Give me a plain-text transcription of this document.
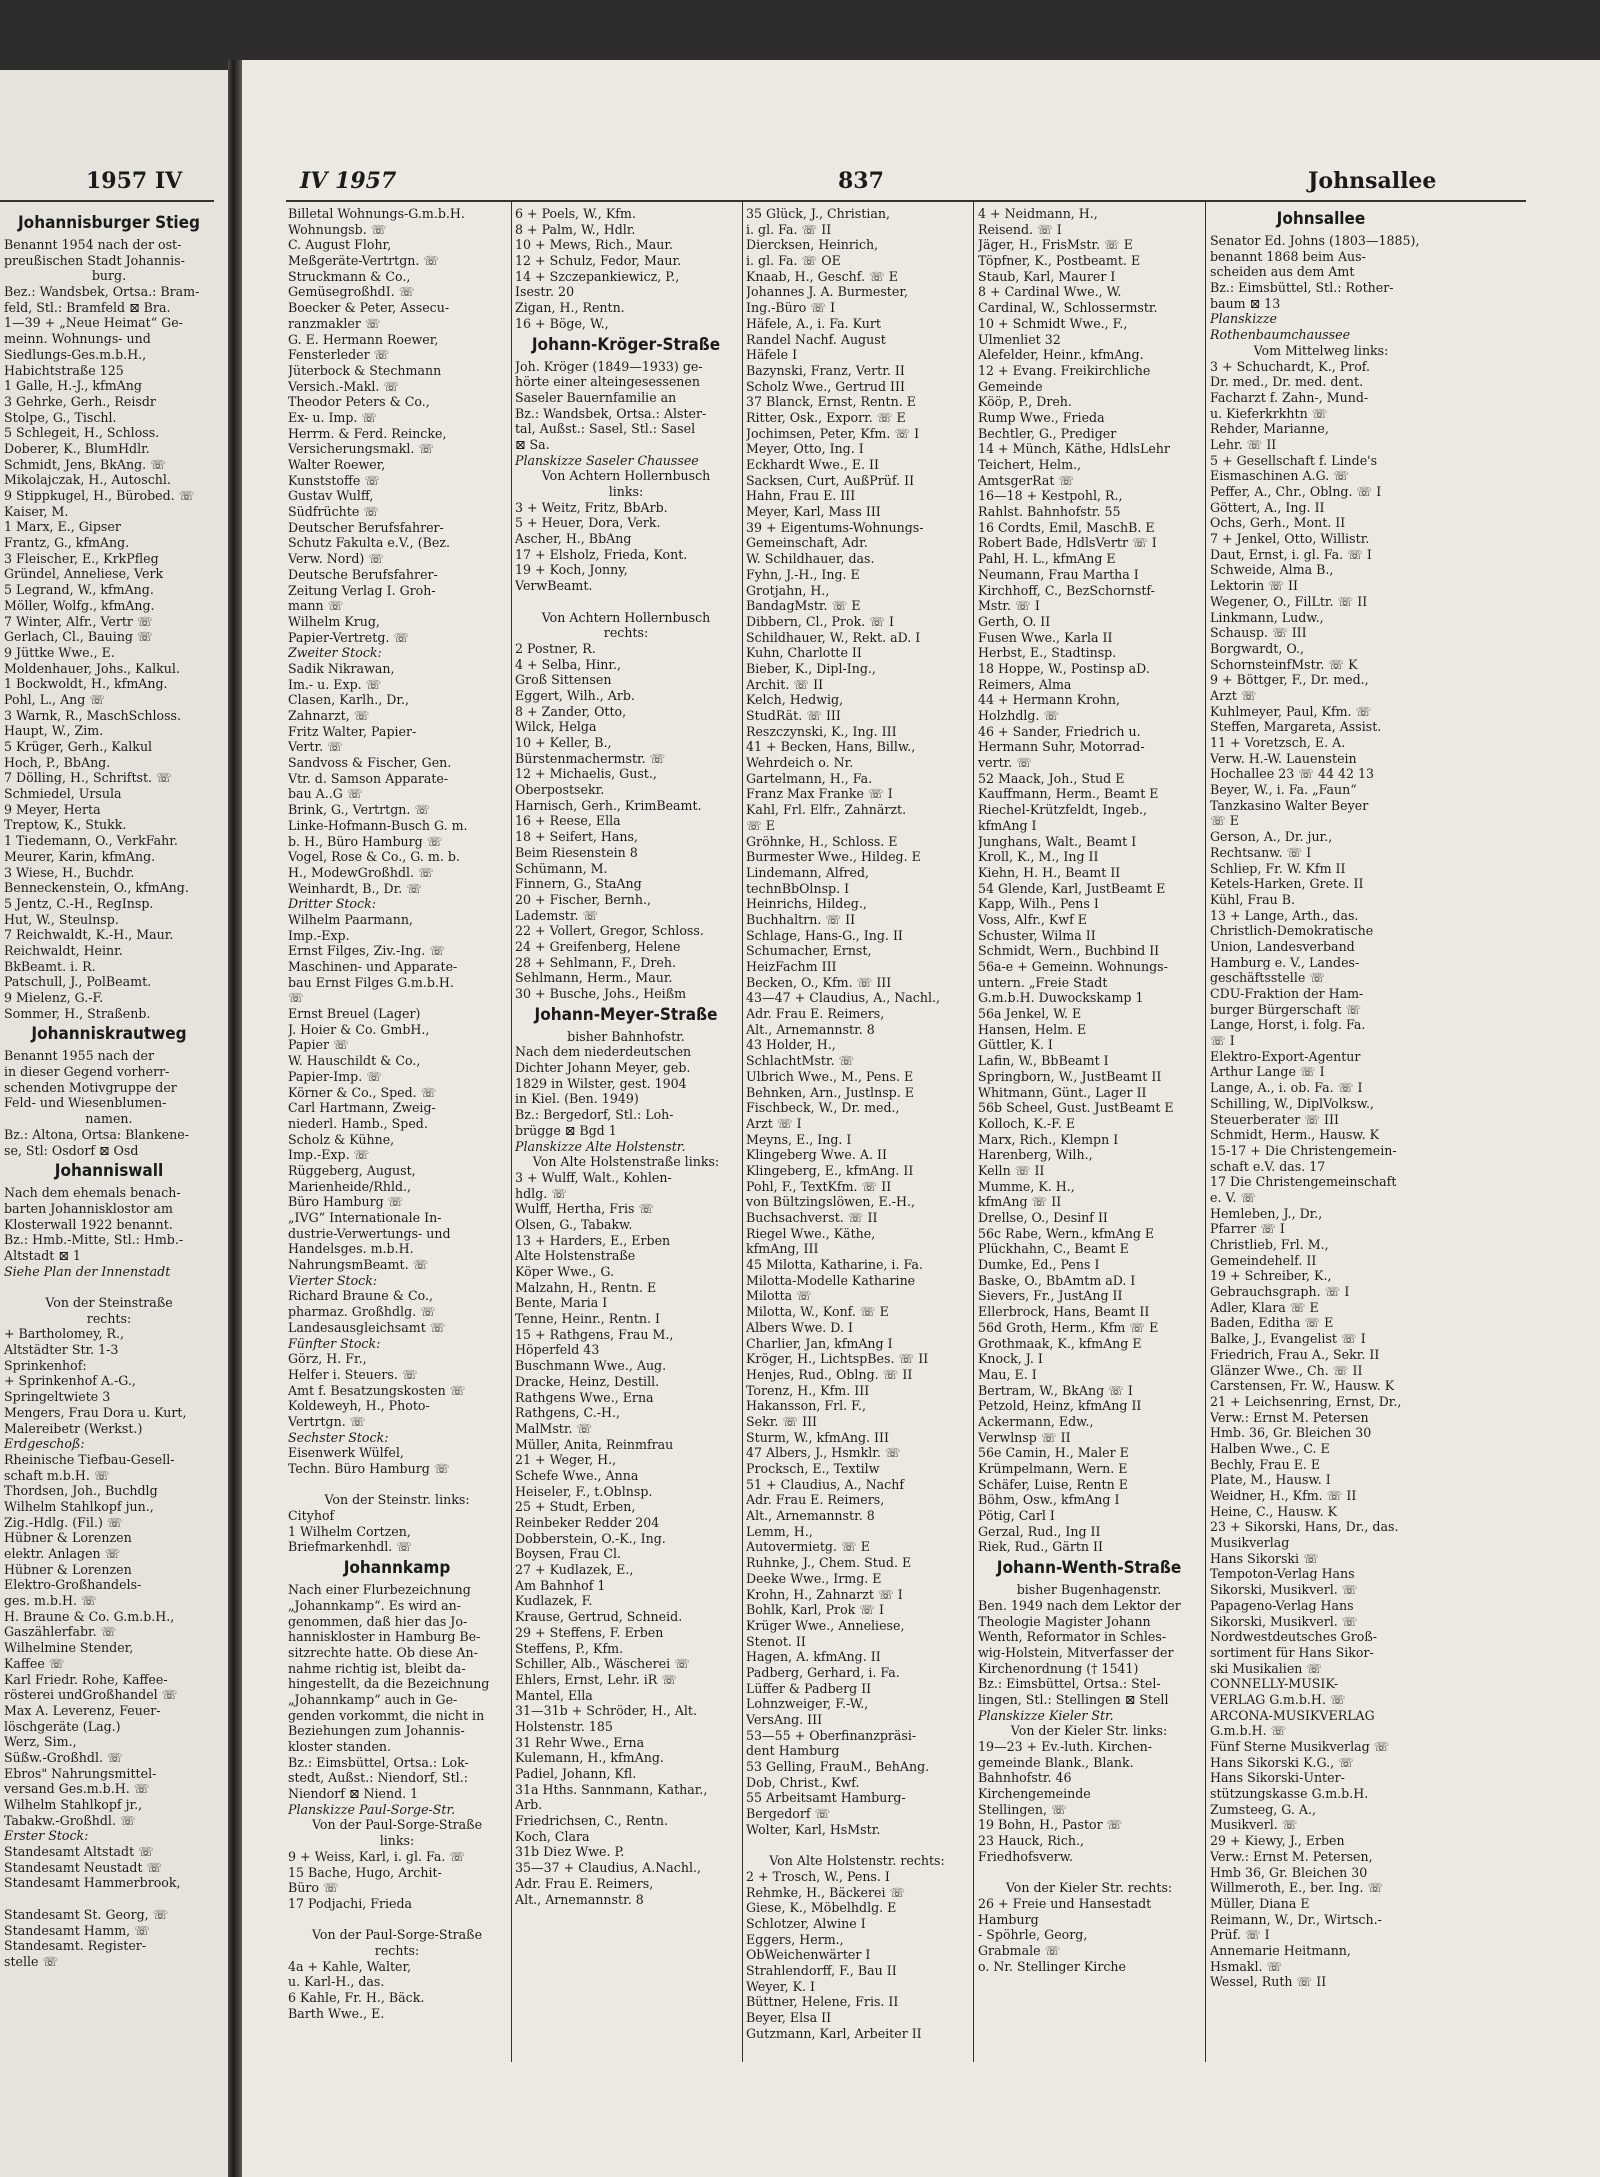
1957 IV	IV 1957	837	Johnsallee
Johannisburger Stieg
Benannt 1954 nach der ost-
preußischen Stadt Johannis-
burg.
Bez.: Wandsbek, Ortsa.: Bram-
feld, Stl.: Bramfeld ⊠ Bra.
1—39 + „Neue Heimat“ Ge-
meinn. Wohnungs- und
Siedlungs-Ges.m.b.H.,
Habichtstraße 125
1 Galle, H.-J., kfmAng
3 Gehrke, Gerh., Reisdr
Stolpe, G., Tischl.
5 Schlegeit, H., Schloss.
Doberer, K., BlumHdlr.
Schmidt, Jens, BkAng. ☏
Mikolajczak, H., Autoschl.
9 Stippkugel, H., Bürobed. ☏
Kaiser, M.
1 Marx, E., Gipser
Frantz, G., kfmAng.
3 Fleischer, E., KrkPfleg
Gründel, Anneliese, Verk
5 Legrand, W., kfmAng.
Möller, Wolfg., kfmAng.
7 Winter, Alfr., Vertr ☏
Gerlach, Cl., Bauing ☏
9 Jüttke Wwe., E.
Moldenhauer, Johs., Kalkul.
1 Bockwoldt, H., kfmAng.
Pohl, L., Ang ☏
3 Warnk, R., MaschSchloss.
Haupt, W., Zim.
5 Krüger, Gerh., Kalkul
Hoch, P., BbAng.
7 Dölling, H., Schriftst. ☏
Schmiedel, Ursula
9 Meyer, Herta
Treptow, K., Stukk.
1 Tiedemann, O., VerkFahr.
Meurer, Karin, kfmAng.
3 Wiese, H., Buchdr.
Benneckenstein, O., kfmAng.
5 Jentz, C.-H., RegInsp.
Hut, W., Steulnsp.
7 Reichwaldt, K.-H., Maur.
Reichwaldt, Heinr.
BkBeamt. i. R.
Patschull, J., PolBeamt.
9 Mielenz, G.-F.
Sommer, H., Straßenb.
Johanniskrautweg
Benannt 1955 nach der
in dieser Gegend vorherr-
schenden Motivgruppe der
Feld- und Wiesenblumen-
namen.
Bz.: Altona, Ortsa: Blankene-
se, Stl: Osdorf ⊠ Osd
Johanniswall
Nach dem ehemals benach-
barten Johannisklostor am
Klosterwall 1922 benannt.
Bz.: Hmb.-Mitte, Stl.: Hmb.-
Altstadt ⊠ 1
Siehe Plan der Innenstadt
Von der Steinstraße
rechts:
+ Bartholomey, R.,
Altstädter Str. 1-3
Sprinkenhof:
+ Sprinkenhof A.-G.,
Springeltwiete 3
Mengers, Frau Dora u. Kurt,
Malereibetr (Werkst.)
Erdgeschoß:
Rheinische Tiefbau-Gesell-
schaft m.b.H. ☏
Thordsen, Joh., Buchdlg
Wilhelm Stahlkopf jun.,
Zig.-Hdlg. (Fil.) ☏
Hübner & Lorenzen
elektr. Anlagen ☏
Hübner & Lorenzen
Elektro-Großhandels-
ges. m.b.H. ☏
H. Braune & Co. G.m.b.H.,
Gaszählerfabr. ☏
Wilhelmine Stender,
Kaffee ☏
Karl Friedr. Rohe, Kaffee-
rösterei undGroßhandel ☏
Max A. Leverenz, Feuer-
löschgeräte (Lag.)
Werz, Sim.,
Süßw.-Großhdl. ☏
Ebros" Nahrungsmittel-
versand Ges.m.b.H. ☏
Wilhelm Stahlkopf jr.,
Tabakw.-Großhdl. ☏
Erster Stock:
Standesamt Altstadt ☏
Standesamt Neustadt ☏
Standesamt Hammerbrook,
Standesamt St. Georg, ☏
Standesamt Hamm, ☏
Standesamt. Register-
stelle ☏
Billetal Wohnungs-G.m.b.H.
Wohnungsb. ☏
C. August Flohr,
Meßgeräte-Vertrtgn. ☏
Struckmann & Co.,
GemüsegroßhdI. ☏
Boecker & Peter, Assecu-
ranzmakler ☏
G. E. Hermann Roewer,
Fensterleder ☏
Jüterbock & Stechmann
Versich.-Makl. ☏
Theodor Peters & Co.,
Ex- u. Imp. ☏
Herrm. & Ferd. Reincke,
Versicherungsmakl. ☏
Walter Roewer,
Kunststoffe ☏
Gustav Wulff,
Südfrüchte ☏
Deutscher Berufsfahrer-
Schutz Fakulta e.V., (Bez.
Verw. Nord) ☏
Deutsche Berufsfahrer-
Zeitung Verlag I. Groh-
mann ☏
Wilhelm Krug,
Papier-Vertretg. ☏
Zweiter Stock:
Sadik Nikrawan,
Im.- u. Exp. ☏
Clasen, Karlh., Dr.,
Zahnarzt, ☏
Fritz Walter, Papier-
Vertr. ☏
Sandvoss & Fischer, Gen.
Vtr. d. Samson Apparate-
bau A..G ☏
Brink, G., Vertrtgn. ☏
Linke-Hofmann-Busch G. m.
b. H., Büro Hamburg ☏
Vogel, Rose & Co., G. m. b.
H., ModewGroßhdl. ☏
Weinhardt, B., Dr. ☏
Dritter Stock:
Wilhelm Paarmann,
Imp.-Exp.
Ernst Filges, Ziv.-Ing. ☏
Maschinen- und Apparate-
bau Ernst Filges G.m.b.H.
☏
Ernst Breuel (Lager)
J. Hoier & Co. GmbH.,
Papier ☏
W. Hauschildt & Co.,
Papier-Imp. ☏
Körner & Co., Sped. ☏
Carl Hartmann, Zweig-
niederl. Hamb., Sped.
Scholz & Kühne,
Imp.-Exp. ☏
Rüggeberg, August,
Marienheide/Rhld.,
Büro Hamburg ☏
„IVG“ Internationale In-
dustrie-Verwertungs- und
Handelsges. m.b.H.
NahrungsmBeamt. ☏
Vierter Stock:
Richard Braune & Co.,
pharmaz. Großhdlg. ☏
Landesausgleichsamt ☏
Fünfter Stock:
Görz, H. Fr.,
Helfer i. Steuers. ☏
Amt f. Besatzungskosten ☏
Koldeweyh, H., Photo-
Vertrtgn. ☏
Sechster Stock:
Eisenwerk Wülfel,
Techn. Büro Hamburg ☏
Von der Steinstr. links:
Cityhof
1 Wilhelm Cortzen,
Briefmarkenhdl. ☏
Johannkamp
Nach einer Flurbezeichnung
„Johannkamp“. Es wird an-
genommen, daß hier das Jo-
hanniskloster in Hamburg Be-
sitzrechte hatte. Ob diese An-
nahme richtig ist, bleibt da-
hingestellt, da die Bezeichnung
„Johannkamp“ auch in Ge-
genden vorkommt, die nicht in
Beziehungen zum Johannis-
kloster standen.
Bz.: Eimsbüttel, Ortsa.: Lok-
stedt, Außst.: Niendorf, Stl.:
Niendorf ⊠ Niend. 1
Planskizze Paul-Sorge-Str.
Von der Paul-Sorge-Straße
links:
9 + Weiss, Karl, i. gl. Fa. ☏
15 Bache, Hugo, Archit-
Büro ☏
17 Podjachi, Frieda
Von der Paul-Sorge-Straße
rechts:
4a + Kahle, Walter,
u. Karl-H., das.
6 Kahle, Fr. H., Bäck.
Barth Wwe., E.
6 + Poels, W., Kfm.
8 + Palm, W., Hdlr.
10 + Mews, Rich., Maur.
12 + Schulz, Fedor, Maur.
14 + Szczepankiewicz, P.,
Isestr. 20
Zigan, H., Rentn.
16 + Böge, W.,
Johann-Kröger-Straße
Joh. Kröger (1849—1933) ge-
hörte einer alteingesessenen
Saseler Bauernfamilie an
Bz.: Wandsbek, Ortsa.: Alster-
tal, Außst.: Sasel, Stl.: Sasel
⊠ Sa.
Planskizze Saseler Chaussee
Von Achtern Hollernbusch
links:
3 + Weitz, Fritz, BbArb.
5 + Heuer, Dora, Verk.
Ascher, H., BbAng
17 + Elsholz, Frieda, Kont.
19 + Koch, Jonny,
VerwBeamt.
Von Achtern Hollernbusch
rechts:
2 Postner, R.
4 + Selba, Hinr.,
Groß Sittensen
Eggert, Wilh., Arb.
8 + Zander, Otto,
Wilck, Helga
10 + Keller, B.,
Bürstenmachermstr. ☏
12 + Michaelis, Gust.,
Oberpostsekr.
Harnisch, Gerh., KrimBeamt.
16 + Reese, Ella
18 + Seifert, Hans,
Beim Riesenstein 8
Schümann, M.
Finnern, G., StaAng
20 + Fischer, Bernh.,
Lademstr. ☏
22 + Vollert, Gregor, Schloss.
24 + Greifenberg, Helene
28 + Sehlmann, F., Dreh.
Sehlmann, Herm., Maur.
30 + Busche, Johs., Heißm
Johann-Meyer-Straße
bisher Bahnhofstr.
Nach dem niederdeutschen
Dichter Johann Meyer, geb.
1829 in Wilster, gest. 1904
in Kiel. (Ben. 1949)
Bz.: Bergedorf, Stl.: Loh-
brügge ⊠ Bgd 1
Planskizze Alte Holstenstr.
Von Alte Holstenstraße links:
3 + Wulff, Walt., Kohlen-
hdlg. ☏
Wulff, Hertha, Fris ☏
Olsen, G., Tabakw.
13 + Harders, E., Erben
Alte Holstenstraße
Köper Wwe., G.
Malzahn, H., Rentn. E
Bente, Maria I
Tenne, Heinr., Rentn. I
15 + Rathgens, Frau M.,
Höperfeld 43
Buschmann Wwe., Aug.
Dracke, Heinz, Destill.
Rathgens Wwe., Erna
Rathgens, C.-H.,
MalMstr. ☏
Müller, Anita, Reinmfrau
21 + Weger, H.,
Schefe Wwe., Anna
Heiseler, F., t.Oblnsp.
25 + Studt, Erben,
Reinbeker Redder 204
Dobberstein, O.-K., Ing.
Boysen, Frau Cl.
27 + Kudlazek, E.,
Am Bahnhof 1
Kudlazek, F.
Krause, Gertrud, Schneid.
29 + Steffens, F. Erben
Steffens, P., Kfm.
Schiller, Alb., Wäscherei ☏
Ehlers, Ernst, Lehr. iR ☏
Mantel, Ella
31—31b + Schröder, H., Alt.
Holstenstr. 185
31 Rehr Wwe., Erna
Kulemann, H., kfmAng.
Padiel, Johann, Kfl.
31a Hths. Sannmann, Kathar.,
Arb.
Friedrichsen, C., Rentn.
Koch, Clara
31b Diez Wwe. P.
35—37 + Claudius, A.Nachl.,
Adr. Frau E. Reimers,
Alt., Arnemannstr. 8
35 Glück, J., Christian,
i. gl. Fa. ☏ II
Diercksen, Heinrich,
i. gl. Fa. ☏ OE
Knaab, H., Geschf. ☏ E
Johannes J. A. Burmester,
Ing.-Büro ☏ I
Häfele, A., i. Fa. Kurt
Randel Nachf. August
Häfele I
Bazynski, Franz, Vertr. II
Scholz Wwe., Gertrud III
37 Blanck, Ernst, Rentn. E
Ritter, Osk., Exporr. ☏ E
Jochimsen, Peter, Kfm. ☏ I
Meyer, Otto, Ing. I
Eckhardt Wwe., E. II
Sacksen, Curt, AußPrüf. II
Hahn, Frau E. III
Meyer, Karl, Mass III
39 + Eigentums-Wohnungs-
Gemeinschaft, Adr.
W. Schildhauer, das.
Fyhn, J.-H., Ing. E
Grotjahn, H.,
BandagMstr. ☏ E
Dibbern, Cl., Prok. ☏ I
Schildhauer, W., Rekt. aD. I
Kuhn, Charlotte II
Bieber, K., Dipl-Ing.,
Archit. ☏ II
Kelch, Hedwig,
StudRät. ☏ III
Reszczynski, K., Ing. III
41 + Becken, Hans, Billw.,
Wehrdeich o. Nr.
Gartelmann, H., Fa.
Franz Max Franke ☏ I
Kahl, Frl. Elfr., Zahnärzt.
☏ E
Gröhnke, H., Schloss. E
Burmester Wwe., Hildeg. E
Lindemann, Alfred,
technBbOlnsp. I
Heinrichs, Hildeg.,
Buchhaltrn. ☏ II
Schlage, Hans-G., Ing. II
Schumacher, Ernst,
HeizFachm III
Becken, O., Kfm. ☏ III
43—47 + Claudius, A., Nachl.,
Adr. Frau E. Reimers,
Alt., Arnemannstr. 8
43 Holder, H.,
SchlachtMstr. ☏
Ulbrich Wwe., M., Pens. E
Behnken, Arn., Justlnsp. E
Fischbeck, W., Dr. med.,
Arzt ☏ I
Meyns, E., Ing. I
Klingeberg Wwe. A. II
Klingeberg, E., kfmAng. II
Pohl, F., TextKfm. ☏ II
von Bültzingslöwen, E.-H.,
Buchsachverst. ☏ II
Riegel Wwe., Käthe,
kfmAng, III
45 Milotta, Katharine, i. Fa.
Milotta-Modelle Katharine
Milotta ☏
Milotta, W., Konf. ☏ E
Albers Wwe. D. I
Charlier, Jan, kfmAng I
Kröger, H., LichtspBes. ☏ II
Henjes, Rud., Oblng. ☏ II
Torenz, H., Kfm. III
Hakansson, Frl. F.,
Sekr. ☏ III
Sturm, W., kfmAng. III
47 Albers, J., Hsmklr. ☏
Procksch, E., Textilw
51 + Claudius, A., Nachf
Adr. Frau E. Reimers,
Alt., Arnemannstr. 8
Lemm, H.,
Autovermietg. ☏ E
Ruhnke, J., Chem. Stud. E
Deeke Wwe., Irmg. E
Krohn, H., Zahnarzt ☏ I
Bohlk, Karl, Prok ☏ I
Krüger Wwe., Anneliese,
Stenot. II
Hagen, A. kfmAng. II
Padberg, Gerhard, i. Fa.
Lüffer & Padberg II
Lohnzweiger, F.-W.,
VersAng. III
53—55 + Oberfinanzpräsi-
dent Hamburg
53 Gelling, FrauM., BehAng.
Dob, Christ., Kwf.
55 Arbeitsamt Hamburg-
Bergedorf ☏
Wolter, Karl, HsMstr.
Von Alte Holstenstr. rechts:
2 + Trosch, W., Pens. I
Rehmke, H., Bäckerei ☏
Giese, K., Möbelhdlg. E
Schlotzer, Alwine I
Eggers, Herm.,
ObWeichenwärter I
Strahlendorff, F., Bau II
Weyer, K. I
Büttner, Helene, Fris. II
Beyer, Elsa II
Gutzmann, Karl, Arbeiter II
4 + Neidmann, H.,
Reisend. ☏ I
Jäger, H., FrisMstr. ☏ E
Töpfner, K., Postbeamt. E
Staub, Karl, Maurer I
8 + Cardinal Wwe., W.
Cardinal, W., Schlossermstr.
10 + Schmidt Wwe., F.,
Ulmenliet 32
Alefelder, Heinr., kfmAng.
12 + Evang. Freikirchliche
Gemeinde
Kööp, P., Dreh.
Rump Wwe., Frieda
Bechtler, G., Prediger
14 + Münch, Käthe, HdlsLehr
Teichert, Helm.,
AmtsgerRat ☏
16—18 + Kestpohl, R.,
Rahlst. Bahnhofstr. 55
16 Cordts, Emil, MaschB. E
Robert Bade, HdlsVertr ☏ I
Pahl, H. L., kfmAng E
Neumann, Frau Martha I
Kirchhoff, C., BezSchornstf-
Mstr. ☏ I
Gerth, O. II
Fusen Wwe., Karla II
Herbst, E., Stadtinsp.
18 Hoppe, W., Postinsp aD.
Reimers, Alma
44 + Hermann Krohn,
Holzhdlg. ☏
46 + Sander, Friedrich u.
Hermann Suhr, Motorrad-
vertr. ☏
52 Maack, Joh., Stud E
Kauffmann, Herm., Beamt E
Riechel-Krützfeldt, Ingeb.,
kfmAng I
Junghans, Walt., Beamt I
Kroll, K., M., Ing II
Kiehn, H. H., Beamt II
54 Glende, Karl, JustBeamt E
Kapp, Wilh., Pens I
Voss, Alfr., Kwf E
Schuster, Wilma II
Schmidt, Wern., Buchbind II
56a-e + Gemeinn. Wohnungs-
untern. „Freie Stadt
G.m.b.H. Duwockskamp 1
56a Jenkel, W. E
Hansen, Helm. E
Güttler, K. I
Lafin, W., BbBeamt I
Springborn, W., JustBeamt II
Whitmann, Günt., Lager II
56b Scheel, Gust. JustBeamt E
Kolloch, K.-F. E
Marx, Rich., Klempn I
Harenberg, Wilh.,
Kelln ☏ II
Mumme, K. H.,
kfmAng ☏ II
Drellse, O., Desinf II
56c Rabe, Wern., kfmAng E
Plückhahn, C., Beamt E
Dumke, Ed., Pens I
Baske, O., BbAmtm aD. I
Sievers, Fr., JustAng II
Ellerbrock, Hans, Beamt II
56d Groth, Herm., Kfm ☏ E
Grothmaak, K., kfmAng E
Knock, J. I
Mau, E. I
Bertram, W., BkAng ☏ I
Petzold, Heinz, kfmAng II
Ackermann, Edw.,
Verwlnsp ☏ II
56e Camin, H., Maler E
Krümpelmann, Wern. E
Schäfer, Luise, Rentn E
Böhm, Osw., kfmAng I
Pötig, Carl I
Gerzal, Rud., Ing II
Riek, Rud., Gärtn II
Johann-Wenth-Straße
bisher Bugenhagenstr.
Ben. 1949 nach dem Lektor der
Theologie Magister Johann
Wenth, Reformator in Schles-
wig-Holstein, Mitverfasser der
Kirchenordnung († 1541)
Bz.: Eimsbüttel, Ortsa.: Stel-
lingen, Stl.: Stellingen ⊠ Stell
Planskizze Kieler Str.
Von der Kieler Str. links:
19—23 + Ev.-luth. Kirchen-
gemeinde Blank., Blank.
Bahnhofstr. 46
Kirchengemeinde
Stellingen, ☏
19 Bohn, H., Pastor ☏
23 Hauck, Rich.,
Friedhofsverw.
Von der Kieler Str. rechts:
26 + Freie und Hansestadt
Hamburg
- Spöhrle, Georg,
Grabmale ☏
o. Nr. Stellinger Kirche
Johnsallee
Senator Ed. Johns (1803—1885),
benannt 1868 beim Aus-
scheiden aus dem Amt
Bz.: Eimsbüttel, Stl.: Rother-
baum ⊠ 13
Planskizze
Rothenbaumchaussee
Vom Mittelweg links:
3 + Schuchardt, K., Prof.
Dr. med., Dr. med. dent.
Facharzt f. Zahn-, Mund-
u. Kieferkrkhtn ☏
Rehder, Marianne,
Lehr. ☏ II
5 + Gesellschaft f. Linde's
Eismaschinen A.G. ☏
Peffer, A., Chr., Oblng. ☏ I
Göttert, A., Ing. II
Ochs, Gerh., Mont. II
7 + Jenkel, Otto, Willistr.
Daut, Ernst, i. gl. Fa. ☏ I
Schweide, Alma B.,
Lektorin ☏ II
Wegener, O., FilLtr. ☏ II
Linkmann, Ludw.,
Schausp. ☏ III
Borgwardt, O.,
SchornsteinfMstr. ☏ K
9 + Böttger, F., Dr. med.,
Arzt ☏
Kuhlmeyer, Paul, Kfm. ☏
Steffen, Margareta, Assist.
11 + Voretzsch, E. A.
Verw. H.-W. Lauenstein
Hochallee 23 ☏ 44 42 13
Beyer, W., i. Fa. „Faun“
Tanzkasino Walter Beyer
☏ E
Gerson, A., Dr. jur.,
Rechtsanw. ☏ I
Schliep, Fr. W. Kfm II
Ketels-Harken, Grete. II
Kühl, Frau B.
13 + Lange, Arth., das.
Christlich-Demokratische
Union, Landesverband
Hamburg e. V., Landes-
geschäftsstelle ☏
CDU-Fraktion der Ham-
burger Bürgerschaft ☏
Lange, Horst, i. folg. Fa.
☏ I
Elektro-Export-Agentur
Arthur Lange ☏ I
Lange, A., i. ob. Fa. ☏ I
Schilling, W., DiplVolksw.,
Steuerberater ☏ III
Schmidt, Herm., Hausw. K
15-17 + Die Christengemein-
schaft e.V. das. 17
17 Die Christengemeinschaft
e. V. ☏
Hemleben, J., Dr.,
Pfarrer ☏ I
Christlieb, Frl. M.,
Gemeindehelf. II
19 + Schreiber, K.,
Gebrauchsgraph. ☏ I
Adler, Klara ☏ E
Baden, Editha ☏ E
Balke, J., Evangelist ☏ I
Friedrich, Frau A., Sekr. II
Glänzer Wwe., Ch. ☏ II
Carstensen, Fr. W., Hausw. K
21 + Leichsenring, Ernst, Dr.,
Verw.: Ernst M. Petersen
Hmb. 36, Gr. Bleichen 30
Halben Wwe., C. E
Bechly, Frau E. E
Plate, M., Hausw. I
Weidner, H., Kfm. ☏ II
Heine, C., Hausw. K
23 + Sikorski, Hans, Dr., das.
Musikverlag
Hans Sikorski ☏
Tempoton-Verlag Hans
Sikorski, Musikverl. ☏
Papageno-Verlag Hans
Sikorski, Musikverl. ☏
Nordwestdeutsches Groß-
sortiment für Hans Sikor-
ski Musikalien ☏
CONNELLY-MUSIK-
VERLAG G.m.b.H. ☏
ARCONA-MUSIKVERLAG
G.m.b.H. ☏
Fünf Sterne Musikverlag ☏
Hans Sikorski K.G., ☏
Hans Sikorski-Unter-
stützungskasse G.m.b.H.
Zumsteeg, G. A.,
Musikverl. ☏
29 + Kiewy, J., Erben
Verw.: Ernst M. Petersen,
Hmb 36, Gr. Bleichen 30
Willmeroth, E., ber. Ing. ☏
Müller, Diana E
Reimann, W., Dr., Wirtsch.-
Prüf. ☏ I
Annemarie Heitmann,
Hsmakl. ☏
Wessel, Ruth ☏ II
